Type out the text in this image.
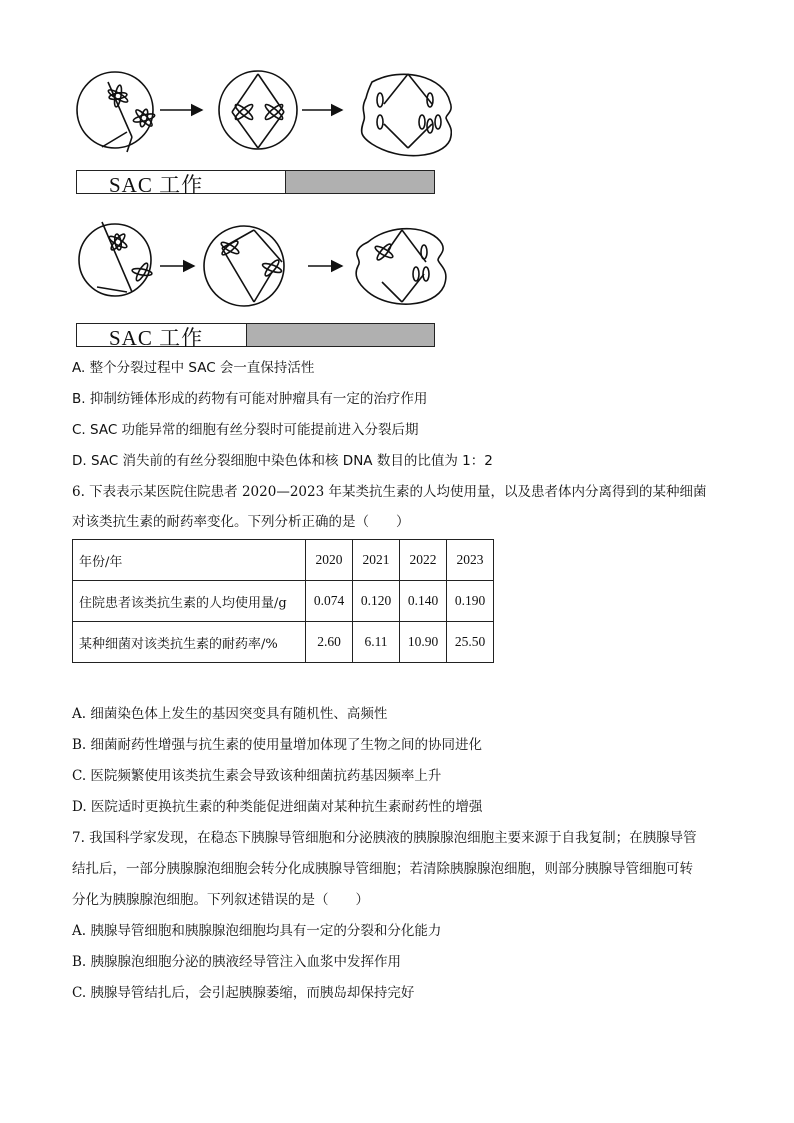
SAC 工作
SAC 工作
A. 整个分裂过程中 SAC 会一直保持活性
B. 抑制纺锤体形成的药物有可能对肿瘤具有一定的治疗作用
C. SAC 功能异常的细胞有丝分裂时可能提前进入分裂后期
D. SAC 消失前的有丝分裂细胞中染色体和核 DNA 数目的比值为 1：2
6. 下表表示某医院住院患者 2020—2023 年某类抗生素的人均使用量，以及患者体内分离得到的某种细菌
对该类抗生素的耐药率变化。下列分析正确的是（　　）
年份/年	2020	2021	2022	2023
住院患者该类抗生素的人均使用量/g	0.074	0.120	0.140	0.190
某种细菌对该类抗生素的耐药率/%	2.60	6.11	10.90	25.50
A. 细菌染色体上发生的基因突变具有随机性、高频性
B. 细菌耐药性增强与抗生素的使用量增加体现了生物之间的协同进化
C. 医院频繁使用该类抗生素会导致该种细菌抗药基因频率上升
D. 医院适时更换抗生素的种类能促进细菌对某种抗生素耐药性的增强
7. 我国科学家发现，在稳态下胰腺导管细胞和分泌胰液的胰腺腺泡细胞主要来源于自我复制；在胰腺导管
结扎后，一部分胰腺腺泡细胞会转分化成胰腺导管细胞；若清除胰腺腺泡细胞，则部分胰腺导管细胞可转
分化为胰腺腺泡细胞。下列叙述错误的是（　　）
A. 胰腺导管细胞和胰腺腺泡细胞均具有一定的分裂和分化能力
B. 胰腺腺泡细胞分泌的胰液经导管注入血浆中发挥作用
C. 胰腺导管结扎后，会引起胰腺萎缩，而胰岛却保持完好
